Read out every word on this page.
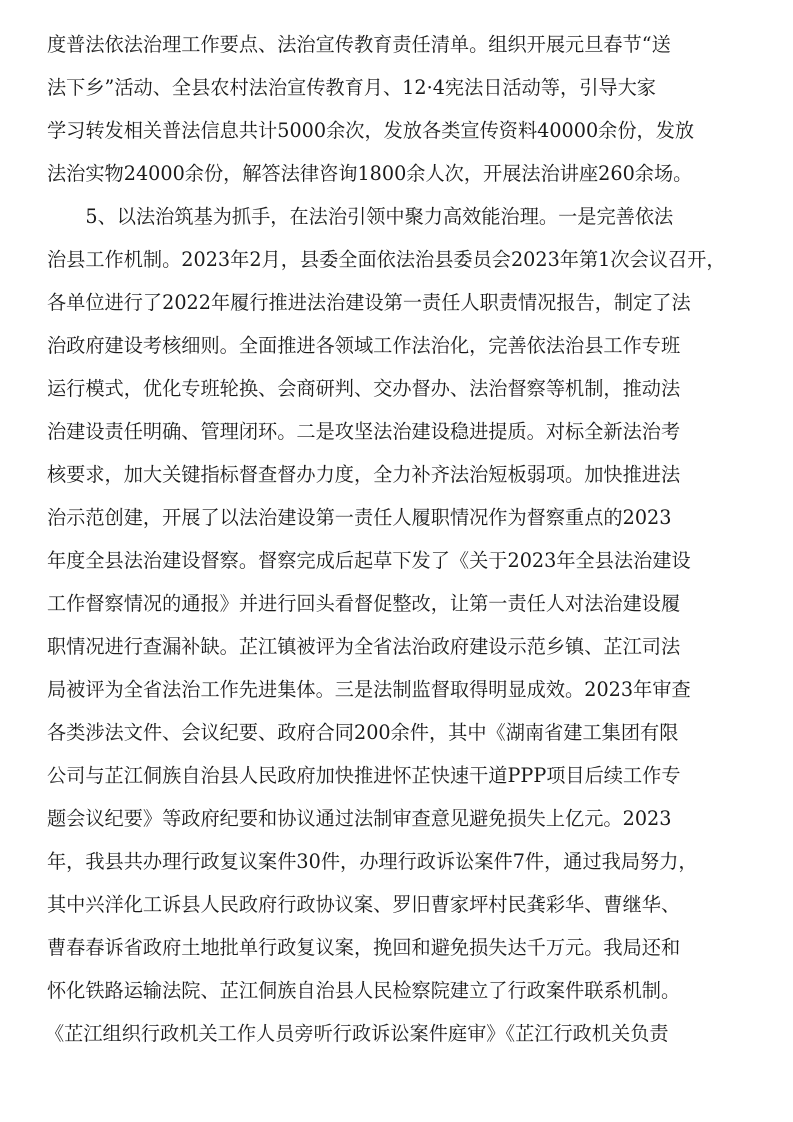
度普法依法治理工作要点、法治宣传教育责任清单。组织开展元旦春节“送
法下乡”活动、全县农村法治宣传教育月、12·4宪法日活动等，引导大家
学习转发相关普法信息共计5000余次，发放各类宣传资料40000余份，发放
法治实物24000余份，解答法律咨询1800余人次，开展法治讲座260余场。
　　5、以法治筑基为抓手，在法治引领中聚力高效能治理。一是完善依法
治县工作机制。2023年2月，县委全面依法治县委员会2023年第1次会议召开，
各单位进行了2022年履行推进法治建设第一责任人职责情况报告，制定了法
治政府建设考核细则。全面推进各领域工作法治化，完善依法治县工作专班
运行模式，优化专班轮换、会商研判、交办督办、法治督察等机制，推动法
治建设责任明确、管理闭环。二是攻坚法治建设稳进提质。对标全新法治考
核要求，加大关键指标督查督办力度，全力补齐法治短板弱项。加快推进法
治示范创建，开展了以法治建设第一责任人履职情况作为督察重点的2023
年度全县法治建设督察。督察完成后起草下发了《关于2023年全县法治建设
工作督察情况的通报》并进行回头看督促整改，让第一责任人对法治建设履
职情况进行查漏补缺。芷江镇被评为全省法治政府建设示范乡镇、芷江司法
局被评为全省法治工作先进集体。三是法制监督取得明显成效。2023年审查
各类涉法文件、会议纪要、政府合同200余件，其中《湖南省建工集团有限
公司与芷江侗族自治县人民政府加快推进怀芷快速干道PPP项目后续工作专
题会议纪要》等政府纪要和协议通过法制审查意见避免损失上亿元。2023
年，我县共办理行政复议案件30件，办理行政诉讼案件7件，通过我局努力，
其中兴洋化工诉县人民政府行政协议案、罗旧曹家坪村民龚彩华、曹继华、
曹春春诉省政府土地批单行政复议案，挽回和避免损失达千万元。我局还和
怀化铁路运输法院、芷江侗族自治县人民检察院建立了行政案件联系机制。
《芷江组织行政机关工作人员旁听行政诉讼案件庭审》《芷江行政机关负责
